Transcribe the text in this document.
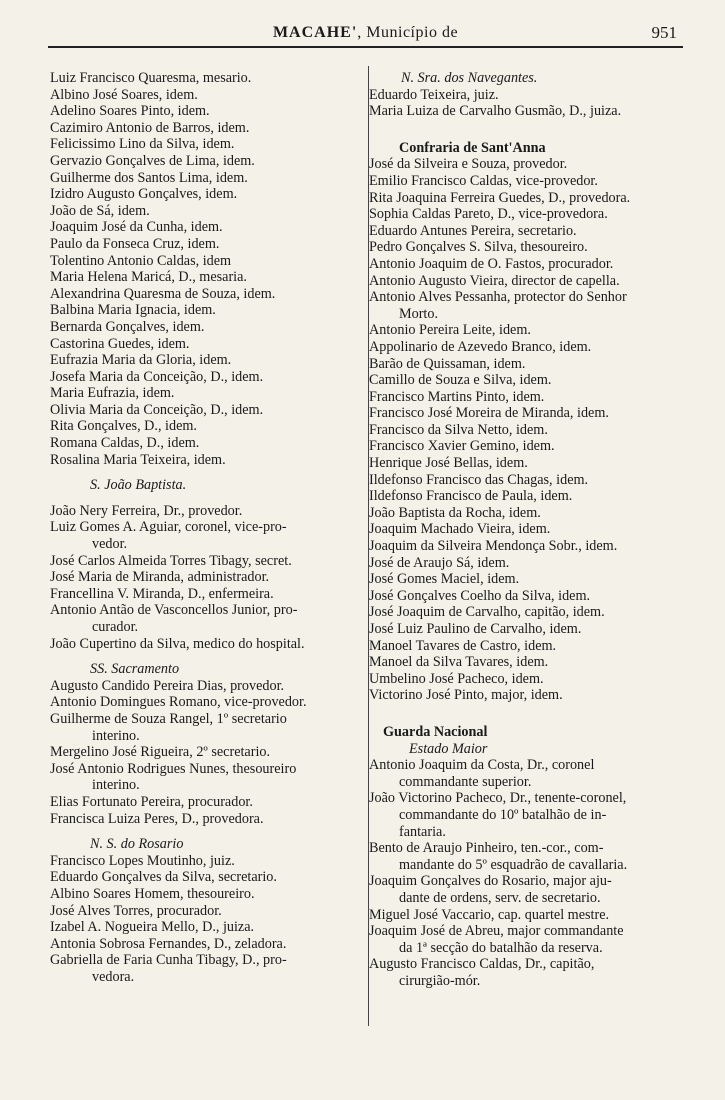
MACAHE', Município de	951
Luiz Francisco Quaresma, mesario.
Albino José Soares, idem.
Adelino Soares Pinto, idem.
Cazimiro Antonio de Barros, idem.
Felicissimo Lino da Silva, idem.
Gervazio Gonçalves de Lima, idem.
Guilherme dos Santos Lima, idem.
Izidro Augusto Gonçalves, idem.
João de Sá, idem.
Joaquim José da Cunha, idem.
Paulo da Fonseca Cruz, idem.
Tolentino Antonio Caldas, idem
Maria Helena Maricá, D., mesaria.
Alexandrina Quaresma de Souza, idem.
Balbina Maria Ignacia, idem.
Bernarda Gonçalves, idem.
Castorina Guedes, idem.
Eufrazia Maria da Gloria, idem.
Josefa Maria da Conceição, D., idem.
Maria Eufrazia, idem.
Olivia Maria da Conceição, D., idem.
Rita Gonçalves, D., idem.
Romana Caldas, D., idem.
Rosalina Maria Teixeira, idem.
S. João Baptista.
João Nery Ferreira, Dr., provedor.
Luiz Gomes A. Aguiar, coronel, vice-pro-
vedor.
José Carlos Almeida Torres Tibagy, secret.
José Maria de Miranda, administrador.
Francellina V. Miranda, D., enfermeira.
Antonio Antão de Vasconcellos Junior, pro-
curador.
João Cupertino da Silva, medico do hospital.
SS. Sacramento
Augusto Candido Pereira Dias, provedor.
Antonio Domingues Romano, vice-provedor.
Guilherme de Souza Rangel, 1º secretario
interino.
Mergelino José Rigueira, 2º secretario.
José Antonio Rodrigues Nunes, thesoureiro
interino.
Elias Fortunato Pereira, procurador.
Francisca Luiza Peres, D., provedora.
N. S. do Rosario
Francisco Lopes Moutinho, juiz.
Eduardo Gonçalves da Silva, secretario.
Albino Soares Homem, thesoureiro.
José Alves Torres, procurador.
Izabel A. Nogueira Mello, D., juiza.
Antonia Sobrosa Fernandes, D., zeladora.
Gabriella de Faria Cunha Tibagy, D., pro-
vedora.
N. Sra. dos Navegantes.
Eduardo Teixeira, juiz.
Maria Luiza de Carvalho Gusmão, D., juiza.
Confraria de Sant'Anna
José da Silveira e Souza, provedor.
Emilio Francisco Caldas, vice-provedor.
Rita Joaquina Ferreira Guedes, D., provedora.
Sophia Caldas Pareto, D., vice-provedora.
Eduardo Antunes Pereira, secretario.
Pedro Gonçalves S. Silva, thesoureiro.
Antonio Joaquim de O. Fastos, procurador.
Antonio Augusto Vieira, director de capella.
Antonio Alves Pessanha, protector do Senhor
Morto.
Antonio Pereira Leite, idem.
Appolinario de Azevedo Branco, idem.
Barão de Quissaman, idem.
Camillo de Souza e Silva, idem.
Francisco Martins Pinto, idem.
Francisco José Moreira de Miranda, idem.
Francisco da Silva Netto, idem.
Francisco Xavier Gemino, idem.
Henrique José Bellas, idem.
Ildefonso Francisco das Chagas, idem.
Ildefonso Francisco de Paula, idem.
João Baptista da Rocha, idem.
Joaquim Machado Vieira, idem.
Joaquim da Silveira Mendonça Sobr., idem.
José de Araujo Sá, idem.
José Gomes Maciel, idem.
José Gonçalves Coelho da Silva, idem.
José Joaquim de Carvalho, capitão, idem.
José Luiz Paulino de Carvalho, idem.
Manoel Tavares de Castro, idem.
Manoel da Silva Tavares, idem.
Umbelino José Pacheco, idem.
Victorino José Pinto, major, idem.
Guarda Nacional
Estado Maior
Antonio Joaquim da Costa, Dr., coronel
commandante superior.
João Victorino Pacheco, Dr., tenente-coronel,
commandante do 10º batalhão de in-
fantaria.
Bento de Araujo Pinheiro, ten.-cor., com-
mandante do 5º esquadrão de cavallaria.
Joaquim Gonçalves do Rosario, major aju-
dante de ordens, serv. de secretario.
Miguel José Vaccario, cap. quartel mestre.
Joaquim José de Abreu, major commandante
da 1ª secção do batalhão da reserva.
Augusto Francisco Caldas, Dr., capitão,
cirurgião-mór.
